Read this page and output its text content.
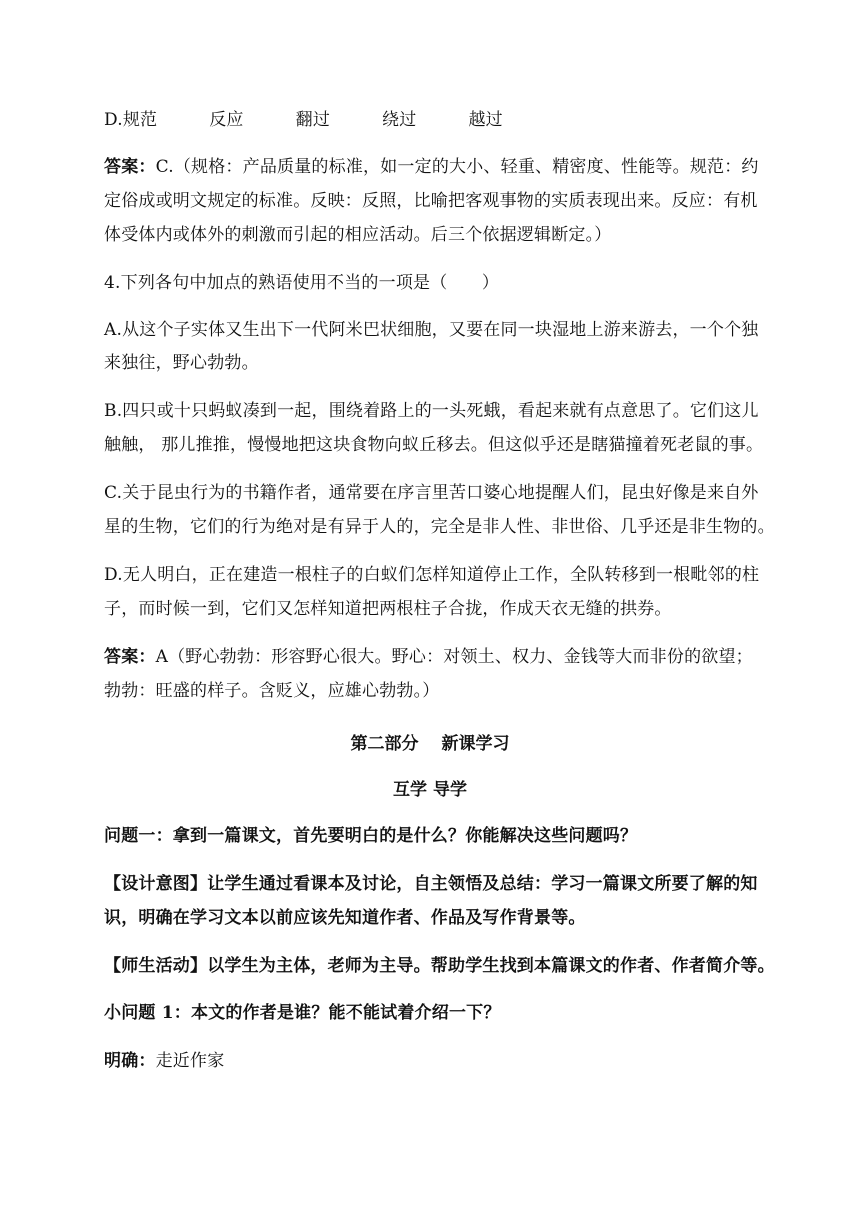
D.规范	反应	翻过	绕过	越过
答案：C.（规格：产品质量的标准，如一定的大小、轻重、精密度、性能等。规范：约
定俗成或明文规定的标准。反映：反照，比喻把客观事物的实质表现出来。反应：有机
体受体内或体外的刺激而引起的相应活动。后三个依据逻辑断定。）
4.下列各句中加点的熟语使用不当的一项是（　　）
A.从这个子实体又生出下一代阿米巴状细胞，又要在同一块湿地上游来游去，一个个独
来独往，野心勃勃。
B.四只或十只蚂蚁凑到一起，围绕着路上的一头死蛾，看起来就有点意思了。它们这儿
触触， 那儿推推，慢慢地把这块食物向蚁丘移去。但这似乎还是瞎猫撞着死老鼠的事。
C.关于昆虫行为的书籍作者，通常要在序言里苦口婆心地提醒人们，昆虫好像是来自外
星的生物，它们的行为绝对是有异于人的，完全是非人性、非世俗、几乎还是非生物的。
D.无人明白，正在建造一根柱子的白蚁们怎样知道停止工作，全队转移到一根毗邻的柱
子，而时候一到，它们又怎样知道把两根柱子合拢，作成天衣无缝的拱券。
答案：A（野心勃勃：形容野心很大。野心：对领土、权力、金钱等大而非份的欲望；
勃勃：旺盛的样子。含贬义，应雄心勃勃。）
第二部分　 新课学习
互学 导学
问题一：拿到一篇课文，首先要明白的是什么？你能解决这些问题吗？
【设计意图】让学生通过看课本及讨论，自主领悟及总结：学习一篇课文所要了解的知
识，明确在学习文本以前应该先知道作者、作品及写作背景等。
【师生活动】以学生为主体，老师为主导。帮助学生找到本篇课文的作者、作者简介等。
小问题 1：本文的作者是谁？能不能试着介绍一下？
明确：走近作家
